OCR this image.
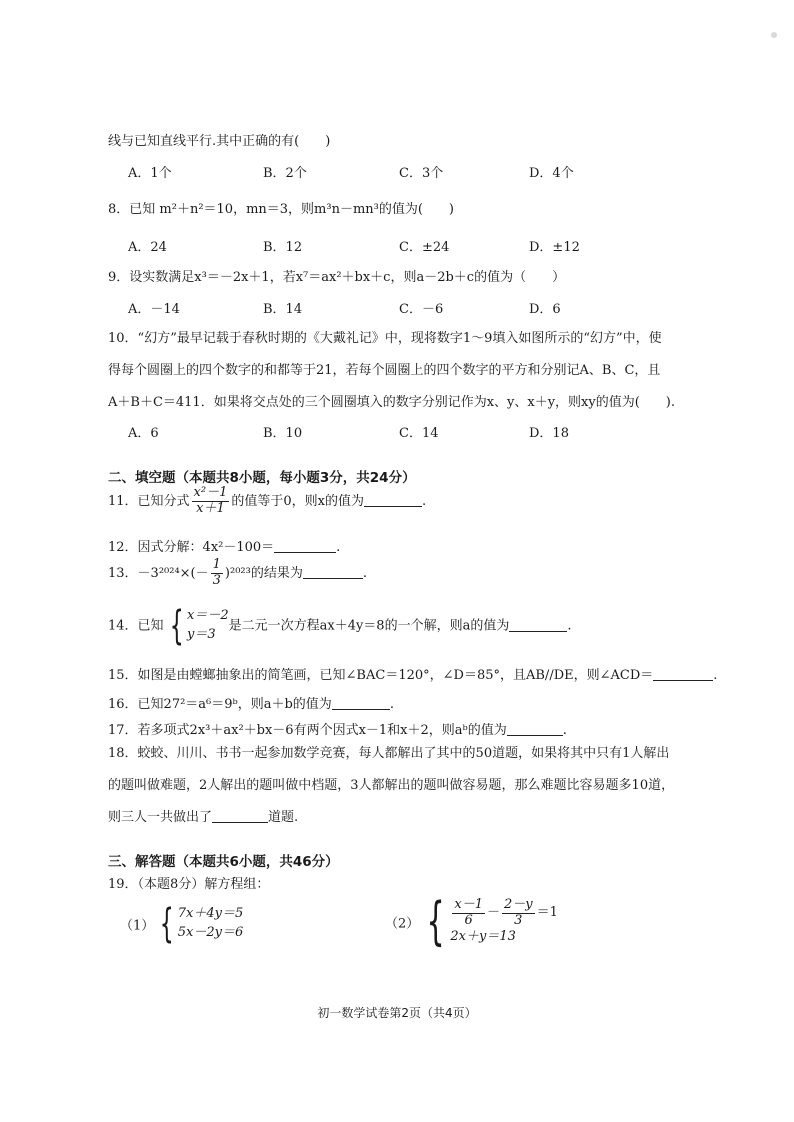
线与已知直线平行.其中正确的有(　　)
A．1个	B．2个	C．3个	D．4个
8．已知 m²＋n²＝10，mn＝3，则m³n－mn³的值为(　　)
A．24	B．12	C．±24	D．±12
9．设实数满足x³＝－2x＋1，若x⁷＝ax²＋bx＋c，则a－2b＋c的值为（　　）
A．－14	B．14	C．－6	D．6
10．“幻方”最早记载于春秋时期的《大戴礼记》中，现将数字1～9填入如图所示的“幻方”中，使
得每个圆圈上的四个数字的和都等于21，若每个圆圈上的四个数字的平方和分别记A、B、C，且
A＋B＋C＝411．如果将交点处的三个圆圈填入的数字分别记作为x、y、x＋y，则xy的值为(　　).
A．6	B．10	C．14	D．18
二、填空题（本题共8小题，每小题3分，共24分）
11．已知分式 $\frac{\text{x²－1}}{x+1}$ 的值等于0，则x的值为	.
12．因式分解：4x²－100＝	.
13．$-3^{2024}\times(- \frac{1}{3} )^{2023}$的结果为	.
14．已知 { x＝－2
y＝3
是二元一次方程ax＋4y＝8的一个解，则a的值为	.
15．如图是由螳螂抽象出的简笔画，已知∠BAC＝120°，∠D＝85°，且AB//DE，则∠ACD＝	.
16．已知27²＝a⁶＝9ᵇ，则a＋b的值为	.
17．若多项式2x³＋ax²＋bx－6有两个因式x－1和x＋2，则aᵇ的值为	.
18．蛟蛟、川川、书书一起参加数学竞赛，每人都解出了其中的50道题，如果将其中只有1人解出
的题叫做难题，2人解出的题叫做中档题，3人都解出的题叫做容易题，那么难题比容易题多10道，
则三人一共做出了	道题.
三、解答题（本题共6小题，共46分）
19．（本题8分）解方程组：
（1） { 7x＋4y＝5
5x－2y＝6
（2） { $\frac{x-1}{6} - \frac{2-y}{3} =1$
2x＋y＝13
初一数学试卷第2页（共4页）
